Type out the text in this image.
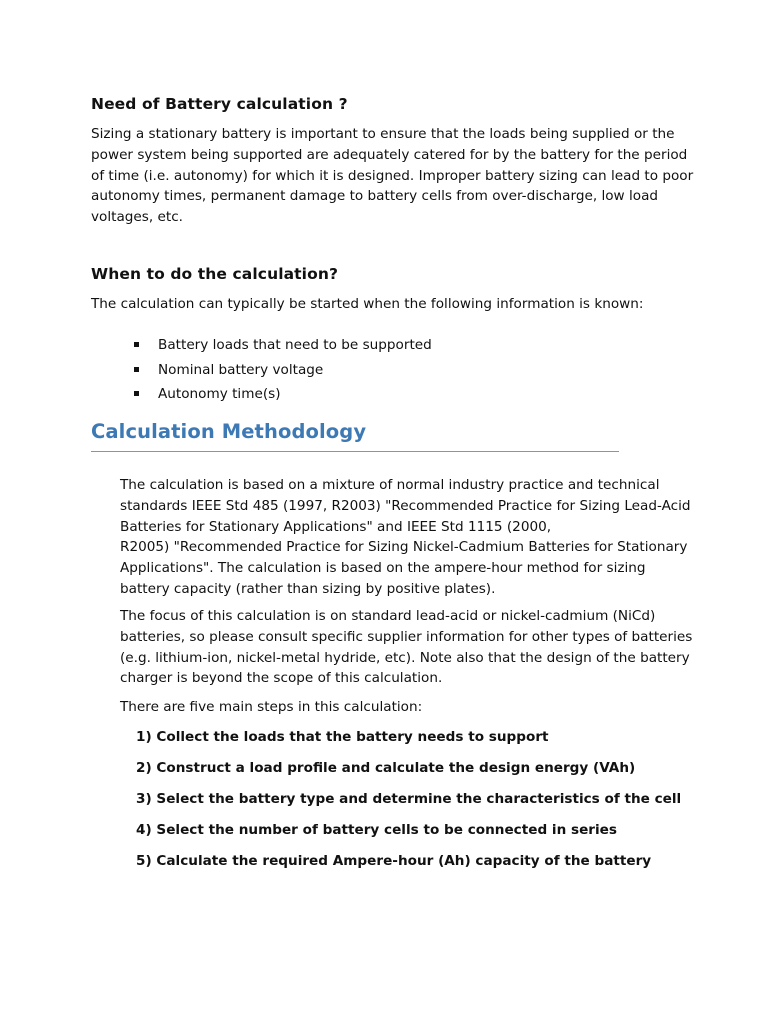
Need of Battery calculation ?

Sizing a stationary battery is important to ensure that the loads being supplied or the
power system being supported are adequately catered for by the battery for the period
of time (i.e. autonomy) for which it is designed. Improper battery sizing can lead to poor
autonomy times, permanent damage to battery cells from over-discharge, low load
voltages, etc.

When to do the calculation?

The calculation can typically be started when the following information is known:

Battery loads that need to be supported
Nominal battery voltage
Autonomy time(s)
Calculation Methodology

The calculation is based on a mixture of normal industry practice and technical
standards IEEE Std 485 (1997, R2003) "Recommended Practice for Sizing Lead-Acid
Batteries for Stationary Applications" and IEEE Std 1115 (2000,
R2005) "Recommended Practice for Sizing Nickel-Cadmium Batteries for Stationary
Applications". The calculation is based on the ampere-hour method for sizing
battery capacity (rather than sizing by positive plates).

The focus of this calculation is on standard lead-acid or nickel-cadmium (NiCd)
batteries, so please consult specific supplier information for other types of batteries
(e.g. lithium-ion, nickel-metal hydride, etc). Note also that the design of the battery
charger is beyond the scope of this calculation.

There are five main steps in this calculation:

1) Collect the loads that the battery needs to support
2) Construct a load profile and calculate the design energy (VAh)
3) Select the battery type and determine the characteristics of the cell
4) Select the number of battery cells to be connected in series
5) Calculate the required Ampere-hour (Ah) capacity of the battery
